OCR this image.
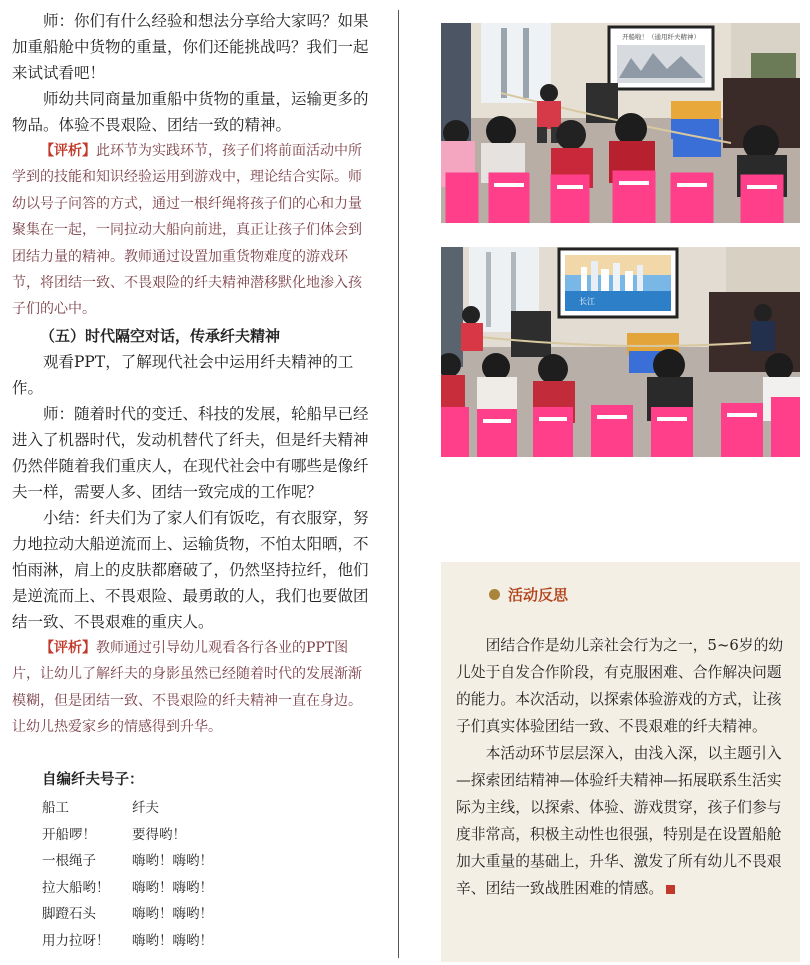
师：你们有什么经验和想法分享给大家吗？如果加重船舱中货物的重量，你们还能挑战吗？我们一起来试试看吧！

师幼共同商量加重船中货物的重量，运输更多的物品。体验不畏艰险、团结一致的精神。

【评析】此环节为实践环节，孩子们将前面活动中所学到的技能和知识经验运用到游戏中，理论结合实际。师幼以号子问答的方式，通过一根纤绳将孩子们的心和力量聚集在一起，一同拉动大船向前进，真正让孩子们体会到团结力量的精神。教师通过设置加重货物难度的游戏环节，将团结一致、不畏艰险的纤夫精神潜移默化地渗入孩子们的心中。

（五）时代隔空对话，传承纤夫精神

观看PPT，了解现代社会中运用纤夫精神的工作。

师：随着时代的变迁、科技的发展，轮船早已经进入了机器时代，发动机替代了纤夫，但是纤夫精神仍然伴随着我们重庆人，在现代社会中有哪些是像纤夫一样，需要人多、团结一致完成的工作呢？

小结：纤夫们为了家人们有饭吃，有衣服穿，努力地拉动大船逆流而上、运输货物，不怕太阳晒，不怕雨淋，肩上的皮肤都磨破了，仍然坚持拉纤，他们是逆流而上、不畏艰险、最勇敢的人，我们也要做团结一致、不畏艰难的重庆人。

【评析】教师通过引导幼儿观看各行各业的PPT图片，让幼儿了解纤夫的身影虽然已经随着时代的发展渐渐模糊，但是团结一致、不畏艰险的纤夫精神一直在身边。让幼儿热爱家乡的情感得到升华。

自编纤夫号子：
船工	纤夫
开船啰！	要得哟！
一根绳子	嗨哟！嗨哟！
拉大船哟！	嗨哟！嗨哟！
脚蹬石头	嗨哟！嗨哟！
用力拉呀！	嗨哟！嗨哟！
开船啦！（通用纤夫精神）
长江
活动反思

团结合作是幼儿亲社会行为之一，5~6岁的幼儿处于自发合作阶段，有克服困难、合作解决问题的能力。本次活动，以探索体验游戏的方式，让孩子们真实体验团结一致、不畏艰难的纤夫精神。

本活动环节层层深入，由浅入深，以主题引入—探索团结精神—体验纤夫精神—拓展联系生活实际为主线，以探索、体验、游戏贯穿，孩子们参与度非常高，积极主动性也很强，特别是在设置船舱加大重量的基础上，升华、激发了所有幼儿不畏艰辛、团结一致战胜困难的情感。
